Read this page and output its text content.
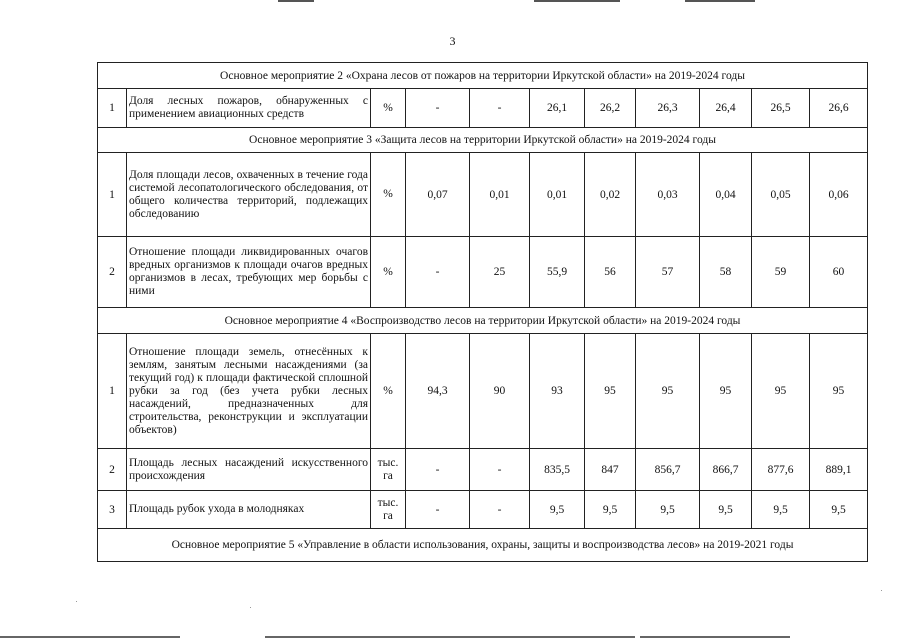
3
Основное мероприятие 2 «Охрана лесов от пожаров на территории Иркутской области» на 2019-2024 годы										
1	Доля лесных пожаров, обнаруженных с применением авиационных средств	%	-	-	26,1	26,2	26,3	26,4	26,5	26,6
Основное мероприятие 3 «Защита лесов на территории Иркутской области» на 2019-2024 годы										
1	Доля площади лесов, охваченных в течение года системой лесопатологического обследования, от общего количества территорий, подлежащих обследованию	%	0,07	0,01	0,01	0,02	0,03	0,04	0,05	0,06
2	Отношение площади ликвидированных очагов вредных организмов к площади очагов вредных организмов в лесах, требующих мер борьбы с ними	%	-	25	55,9	56	57	58	59	60
Основное мероприятие 4 «Воспроизводство лесов на территории Иркутской области» на 2019-2024 годы										
1	Отношение площади земель, отнесённых к землям, занятым лесными насаждениями (за текущий год) к площади фактической сплошной рубки за год (без учета рубки лесных насаждений, предназначенных для строительства, реконструкции и эксплуатации объектов)	%	94,3	90	93	95	95	95	95	95
2	Площадь лесных насаждений искусственного происхождения	тыс. га	-	-	835,5	847	856,7	866,7	877,6	889,1
3	Площадь рубок ухода в молодняках	тыс. га	-	-	9,5	9,5	9,5	9,5	9,5	9,5
Основное мероприятие 5 «Управление в области использования, охраны, защиты и воспроизводства лесов» на 2019-2021 годы										
